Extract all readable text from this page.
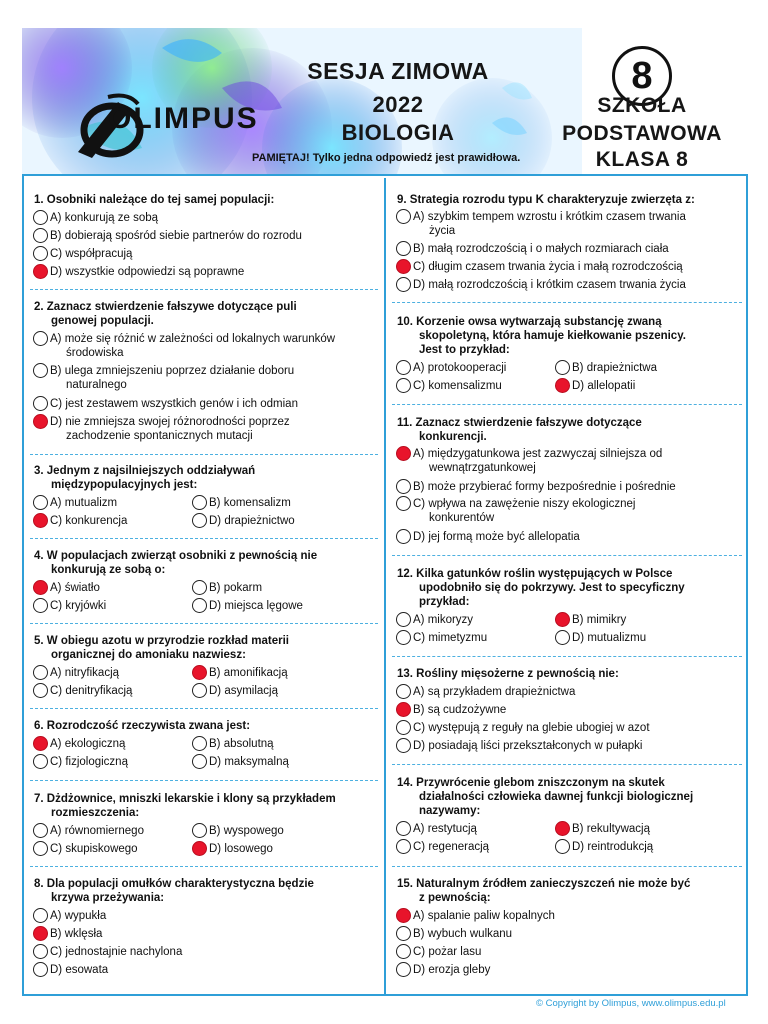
OLIMPUS
SESJA ZIMOWA
2022
BIOLOGIA
PAMIĘTAJ! Tylko jedna odpowiedź jest prawidłowa.
8
SZKOŁA
PODSTAWOWA
KLASA 8
1. Osobniki należące do tej samej populacji:
A) konkurują ze sobą
B) dobierają spośród siebie partnerów do rozrodu
C) współpracują
D) wszystkie odpowiedzi są poprawne
2. Zaznacz stwierdzenie fałszywe dotyczące puli
genowej populacji.
A) może się różnić w zależności od lokalnych warunków
środowiska
B) ulega zmniejszeniu poprzez działanie doboru
naturalnego
C) jest zestawem wszystkich genów i ich odmian
D) nie zmniejsza swojej różnorodności poprzez
zachodzenie spontanicznych mutacji
3. Jednym z najsilniejszych oddziaływań
międzypopulacyjnych jest:
A) mutualizm	B) komensalizm
C) konkurencja	D) drapieżnictwo
4. W populacjach zwierząt osobniki z pewnością nie
konkurują ze sobą o:
A) światło	B) pokarm
C) kryjówki	D) miejsca lęgowe
5. W obiegu azotu w przyrodzie rozkład materii
organicznej do amoniaku nazwiesz:
A) nitryfikacją	B) amonifikacją
C) denitryfikacją	D) asymilacją
6. Rozrodczość rzeczywista zwana jest:
A) ekologiczną	B) absolutną
C) fizjologiczną	D) maksymalną
7. Dżdżownice, mniszki lekarskie i klony są przykładem
rozmieszczenia:
A) równomiernego	B) wyspowego
C) skupiskowego	D) losowego
8. Dla populacji omułków charakterystyczna będzie
krzywa przeżywania:
A) wypukła
B) wklęsła
C) jednostajnie nachylona
D) esowata
9. Strategia rozrodu typu K charakteryzuje zwierzęta z:
A) szybkim tempem wzrostu i krótkim czasem trwania
życia
B) małą rozrodczością i o małych rozmiarach ciała
C) długim czasem trwania życia i małą rozrodczością
D) małą rozrodczością i krótkim czasem trwania życia
10. Korzenie owsa wytwarzają substancję zwaną
skopoletyną, która hamuje kiełkowanie pszenicy.
Jest to przykład:
A) protokooperacji	B) drapieżnictwa
C) komensalizmu	D) allelopatii
11. Zaznacz stwierdzenie fałszywe dotyczące
konkurencji.
A) międzygatunkowa jest zazwyczaj silniejsza od
wewnątrzgatunkowej
B) może przybierać formy bezpośrednie i pośrednie
C) wpływa na zawężenie niszy ekologicznej
konkurentów
D) jej formą może być allelopatia
12. Kilka gatunków roślin występujących w Polsce
upodobniło się do pokrzywy. Jest to specyficzny
przykład:
A) mikoryzy	B) mimikry
C) mimetyzmu	D) mutualizmu
13. Rośliny mięsożerne z pewnością nie:
A) są przykładem drapieżnictwa
B) są cudzożywne
C) występują z reguły na glebie ubogiej w azot
D) posiadają liści przekształconych w pułapki
14. Przywrócenie glebom zniszczonym na skutek
działalności człowieka dawnej funkcji biologicznej
nazywamy:
A) restytucją	B) rekultywacją
C) regeneracją	D) reintrodukcją
15. Naturalnym źródłem zanieczyszczeń nie może być
z pewnością:
A) spalanie paliw kopalnych
B) wybuch wulkanu
C) pożar lasu
D) erozja gleby
© Copyright by Olimpus, www.olimpus.edu.pl
